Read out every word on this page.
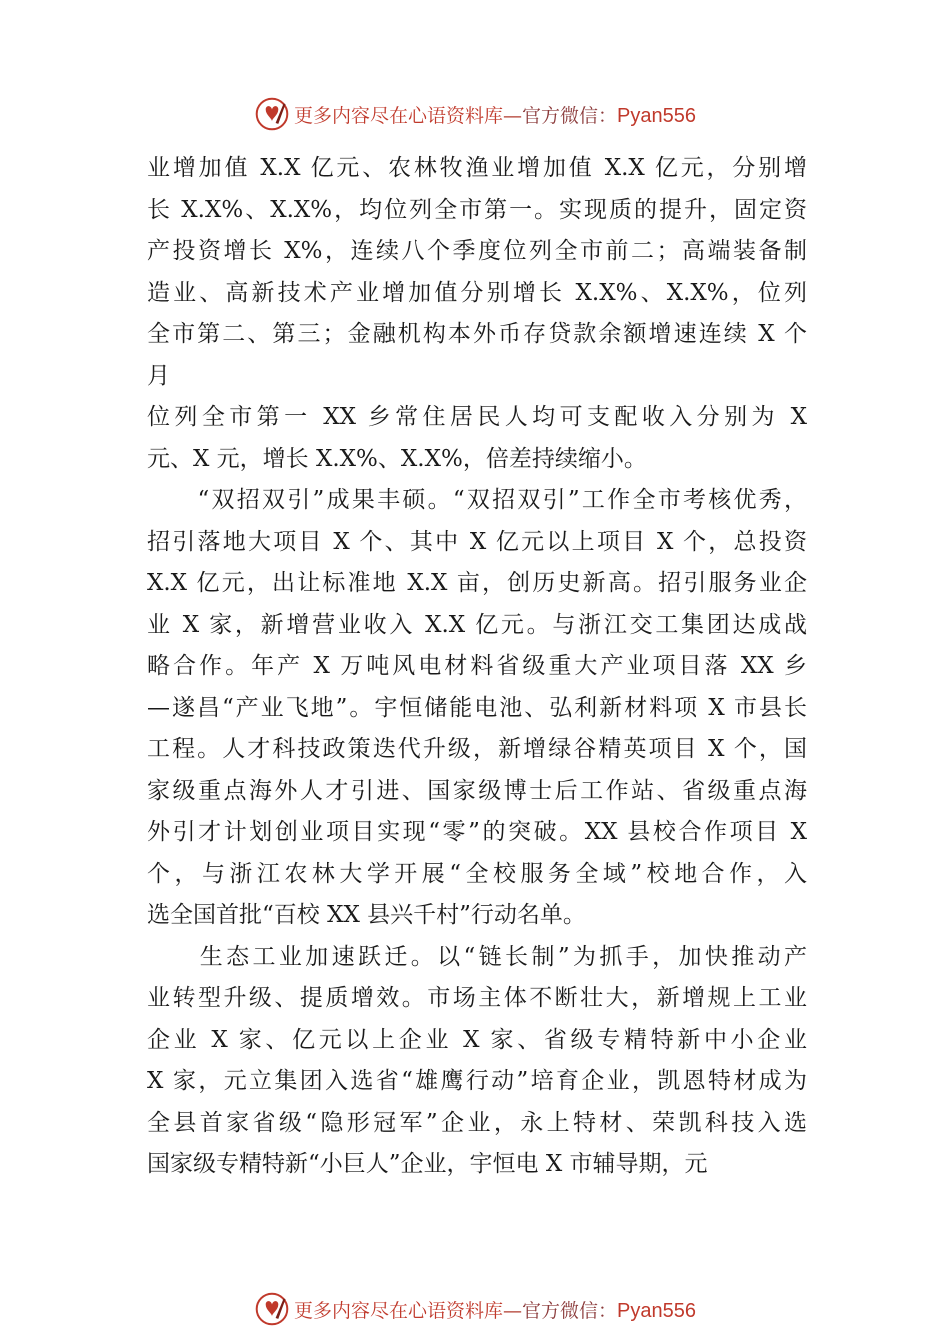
更多内容尽在心语资料库—官方微信：Pyan556
业增加值 X.X 亿元、农林牧渔业增加值 X.X 亿元，分别增
长 X.X%、X.X%，均位列全市第一。实现质的提升，固定资
产投资增长 X%，连续八个季度位列全市前二；高端装备制
造业、高新技术产业增加值分别增长 X.X%、X.X%，位列
全市第二、第三；金融机构本外币存贷款余额增速连续 X 个
月
位列全市第一 XX 乡常住居民人均可支配收入分别为 X
元、X 元，增长 X.X%、X.X%，倍差持续缩小。
　　“双招双引”成果丰硕。“双招双引”工作全市考核优秀，
招引落地大项目 X 个、其中 X 亿元以上项目 X 个，总投资
X.X 亿元，出让标准地 X.X 亩，创历史新高。招引服务业企
业 X 家，新增营业收入 X.X 亿元。与浙江交工集团达成战
略合作。年产 X 万吨风电材料省级重大产业项目落 XX 乡
—遂昌“产业飞地”。宇恒储能电池、弘利新材料项 X 市县长
工程。人才科技政策迭代升级，新增绿谷精英项目 X 个，国
家级重点海外人才引进、国家级博士后工作站、省级重点海
外引才计划创业项目实现“零”的突破。XX 县校合作项目 X
个，与浙江农林大学开展“全校服务全域”校地合作，入
选全国首批“百校 XX 县兴千村”行动名单。
　　生态工业加速跃迁。以“链长制”为抓手，加快推动产
业转型升级、提质增效。市场主体不断壮大，新增规上工业
企业 X 家、亿元以上企业 X 家、省级专精特新中小企业
X 家，元立集团入选省“雄鹰行动”培育企业，凯恩特材成为
全县首家省级“隐形冠军”企业，永上特材、荣凯科技入选
国家级专精特新“小巨人”企业，宇恒电 X 市辅导期，元
更多内容尽在心语资料库—官方微信：Pyan556
